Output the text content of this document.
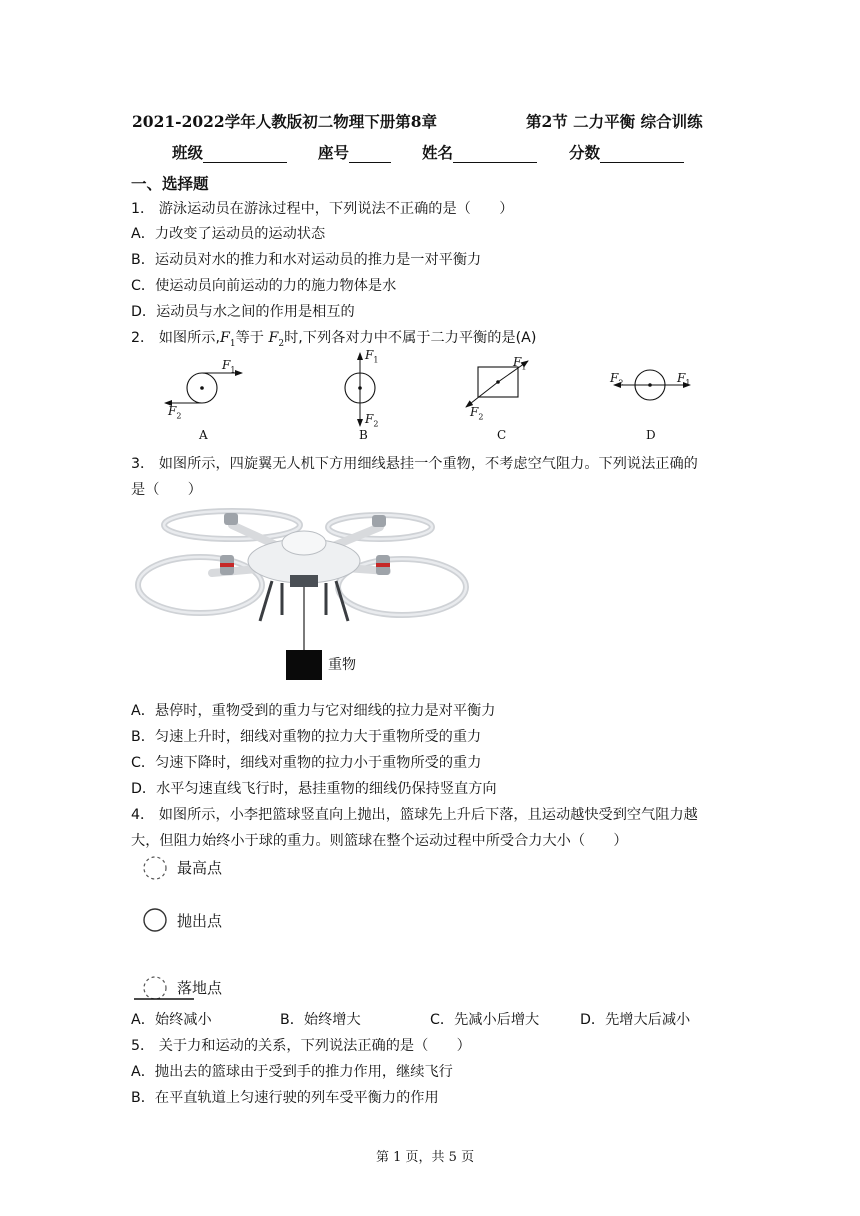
2021-2022学年人教版初二物理下册第8章	第2节 二力平衡 综合训练
班级	座号	姓名	分数
一、选择题
1． 游泳运动员在游泳过程中，下列说法不正确的是（　　）
A．力改变了运动员的运动状态
B．运动员对水的推力和水对运动员的推力是一对平衡力
C．使运动员向前运动的力的施力物体是水
D．运动员与水之间的作用是相互的
2． 如图所示$,F_1$等于 $F_2$时,下列各对力中不属于二力平衡的是(A)
$F_1$
$F_2$
A
$F_1$
$F_2$
B
$F_1$
$F_2$
C
$F_2$	$F_1$
D
3． 如图所示，四旋翼无人机下方用细线悬挂一个重物，不考虑空气阻力。下列说法正确的
是（　　）
重物
A．悬停时，重物受到的重力与它对细线的拉力是对平衡力
B．匀速上升时，细线对重物的拉力大于重物所受的重力
C．匀速下降时，细线对重物的拉力小于重物所受的重力
D．水平匀速直线飞行时，悬挂重物的细线仍保持竖直方向
4． 如图所示，小李把篮球竖直向上抛出，篮球先上升后下落，且运动越快受到空气阻力越
大，但阻力始终小于球的重力。则篮球在整个运动过程中所受合力大小（　　）
最高点
抛出点
落地点
A．始终减小	B．始终增大	C．先减小后增大	D．先增大后减小
5． 关于力和运动的关系，下列说法正确的是（　　）
A．抛出去的篮球由于受到手的推力作用，继续飞行
B．在平直轨道上匀速行驶的列车受平衡力的作用
第 1 页，共 5 页
